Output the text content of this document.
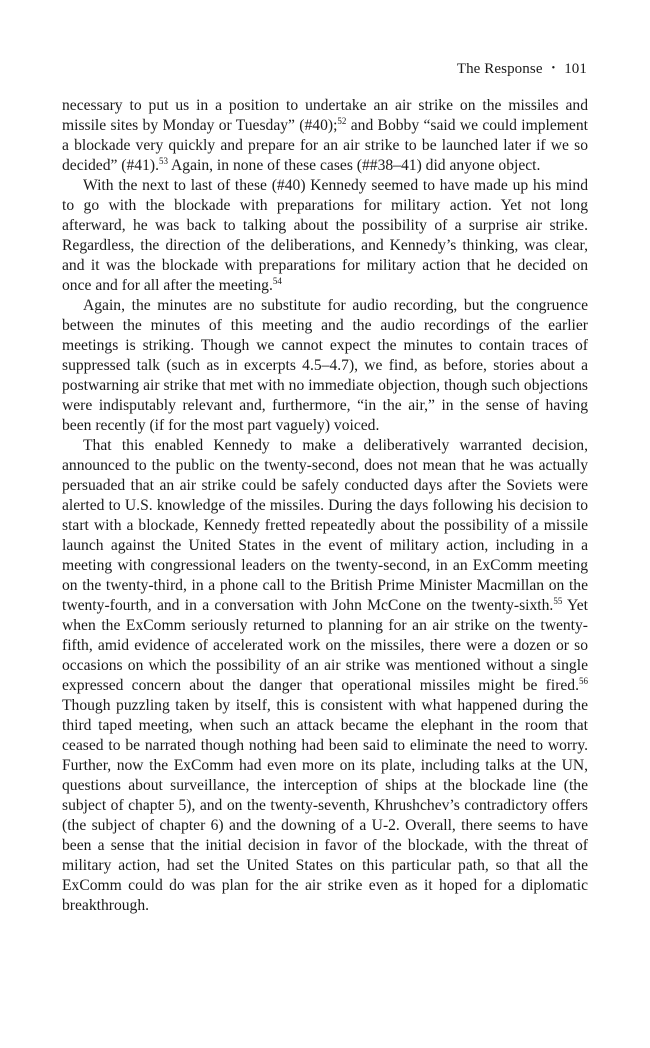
The Response • 101

necessary to put us in a position to undertake an air strike on the missiles and missile sites by Monday or Tuesday” (#40);$^{52}$ and Bobby “said we could implement a blockade very quickly and prepare for an air strike to be launched later if we so decided” (#41).$^{53}$ Again, in none of these cases (##38–41) did anyone object.

With the next to last of these (#40) Kennedy seemed to have made up his mind to go with the blockade with preparations for military action. Yet not long afterward, he was back to talking about the possibility of a surprise air strike. Regardless, the direction of the deliberations, and Kennedy’s thinking, was clear, and it was the blockade with preparations for military action that he decided on once and for all after the meeting.$^{54}$

Again, the minutes are no substitute for audio recording, but the congruence between the minutes of this meeting and the audio recordings of the earlier meetings is striking. Though we cannot expect the minutes to contain traces of suppressed talk (such as in excerpts 4.5–4.7), we find, as before, stories about a postwarning air strike that met with no immediate objection, though such objections were indisputably relevant and, furthermore, “in the air,” in the sense of having been recently (if for the most part vaguely) voiced.

That this enabled Kennedy to make a deliberatively warranted decision, announced to the public on the twenty-second, does not mean that he was actually persuaded that an air strike could be safely conducted days after the Soviets were alerted to U.S. knowledge of the missiles. During the days following his decision to start with a blockade, Kennedy fretted repeatedly about the possibility of a missile launch against the United States in the event of military action, including in a meeting with congressional leaders on the twenty-second, in an ExComm meeting on the twenty-third, in a phone call to the British Prime Minister Macmillan on the twenty-fourth, and in a conversation with John McCone on the twenty-sixth.$^{55}$ Yet when the ExComm seriously returned to planning for an air strike on the twenty-fifth, amid evidence of accelerated work on the missiles, there were a dozen or so occasions on which the possibility of an air strike was mentioned without a single expressed concern about the danger that operational missiles might be fired.$^{56}$ Though puzzling taken by itself, this is consistent with what happened during the third taped meeting, when such an attack became the elephant in the room that ceased to be narrated though nothing had been said to eliminate the need to worry. Further, now the ExComm had even more on its plate, including talks at the UN, questions about surveillance, the interception of ships at the blockade line (the subject of chapter 5), and on the twenty-seventh, Khrushchev’s contradictory offers (the subject of chapter 6) and the downing of a U-2. Overall, there seems to have been a sense that the initial decision in favor of the blockade, with the threat of military action, had set the United States on this particular path, so that all the ExComm could do was plan for the air strike even as it hoped for a diplomatic breakthrough.
